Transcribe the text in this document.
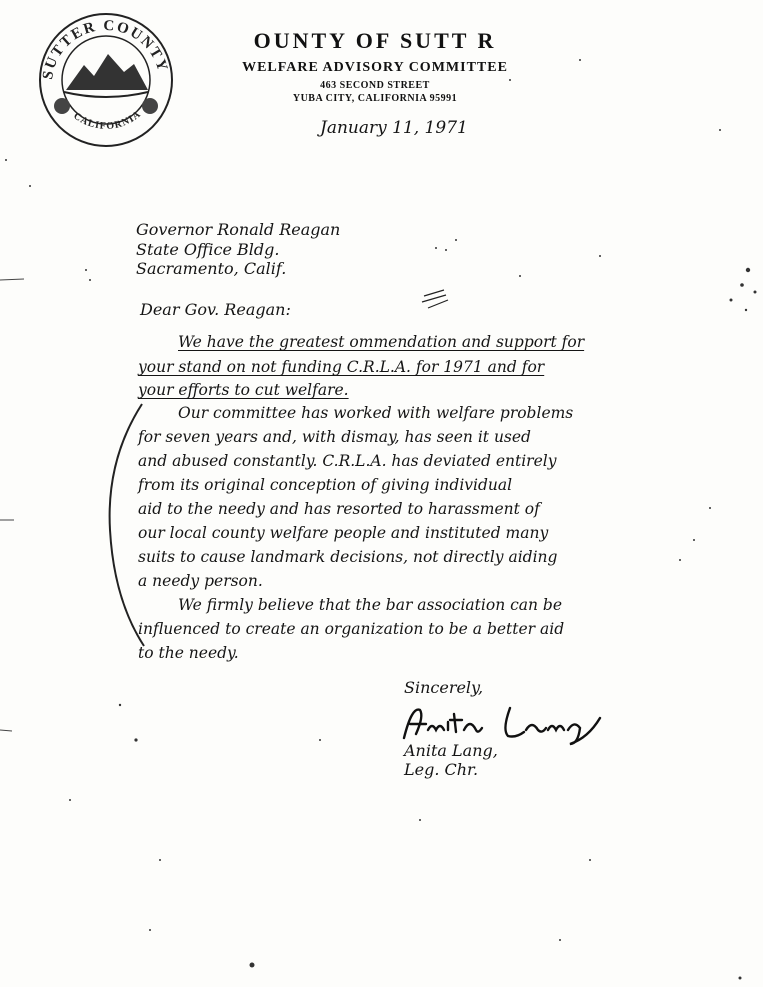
SUTTER COUNTY
CALIFORNIA
OUNTY OF SUTT R
WELFARE ADVISORY COMMITTEE
463 SECOND STREET
YUBA CITY, CALIFORNIA 95991
January 11, 1971
Governor Ronald Reagan
State Office Bldg.
Sacramento, Calif.
Dear Gov. Reagan:
We have the greatest ommendation and support for
your stand on not funding C.R.L.A. for 1971 and for
your efforts to cut welfare.
Our committee has worked with welfare problems
for seven years and, with dismay, has seen it used
and abused constantly. C.R.L.A. has deviated entirely
from its original conception of giving individual
aid to the needy and has resorted to harassment of
our local county welfare people and instituted many
suits to cause landmark decisions, not directly aiding
a needy person.
We firmly believe that the bar association can be
influenced to create an organization to be a better aid
to the needy.
Sincerely,
Anita Lang,
Leg. Chr.
